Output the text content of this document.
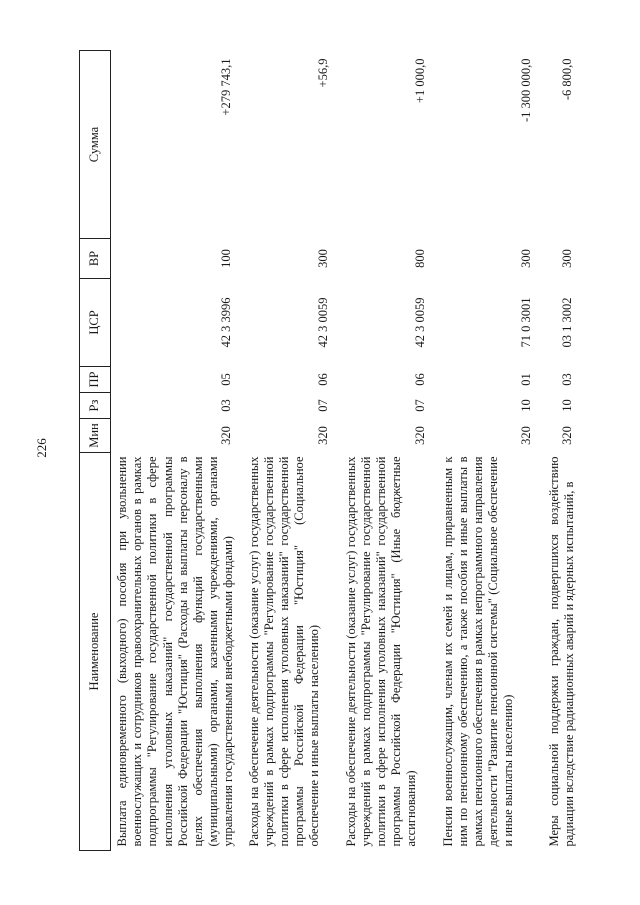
226
Наименование	Мин	Рз	ПР	ЦСР	ВР	Сумма
Выплата единовременного (выходного) пособия при увольнении военнослужащих и сотрудников правоохранительных органов в рамках подпрограммы "Регулирование государственной политики в сфере исполнения уголовных наказаний" государственной программы Российской Федерации "Юстиция" (Расходы на выплаты персоналу в целях обеспечения выполнения функций государственными (муниципальными) органами, казенными учреждениями, органами управления государственными внебюджетными фондами)	320	03	05	42 3 3996	100	+279 743,1
Расходы на обеспечение деятельности (оказание услуг) государственных учреждений в рамках подпрограммы "Регулирование государственной политики в сфере исполнения уголовных наказаний" государственной программы Российской Федерации "Юстиция" (Социальное обеспечение и иные выплаты населению)	320	07	06	42 3 0059	300	+56,9
Расходы на обеспечение деятельности (оказание услуг) государственных учреждений в рамках подпрограммы "Регулирование государственной политики в сфере исполнения уголовных наказаний" государственной программы Российской Федерации "Юстиция" (Иные бюджетные ассигнования)	320	07	06	42 3 0059	800	+1 000,0
Пенсии военнослужащим, членам их семей и лицам, приравненным к ним по пенсионному обеспечению, а также пособия и иные выплаты в рамках пенсионного обеспечения в рамках непрограммного направления деятельности "Развитие пенсионной системы" (Социальное обеспечение и иные выплаты населению)	320	10	01	71 0 3001	300	-1 300 000,0
Меры социальной поддержки граждан, подвергшихся воздействию радиации вследствие радиационных аварий и ядерных испытаний, в	320	10	03	03 1 3002	300	-6 800,0
